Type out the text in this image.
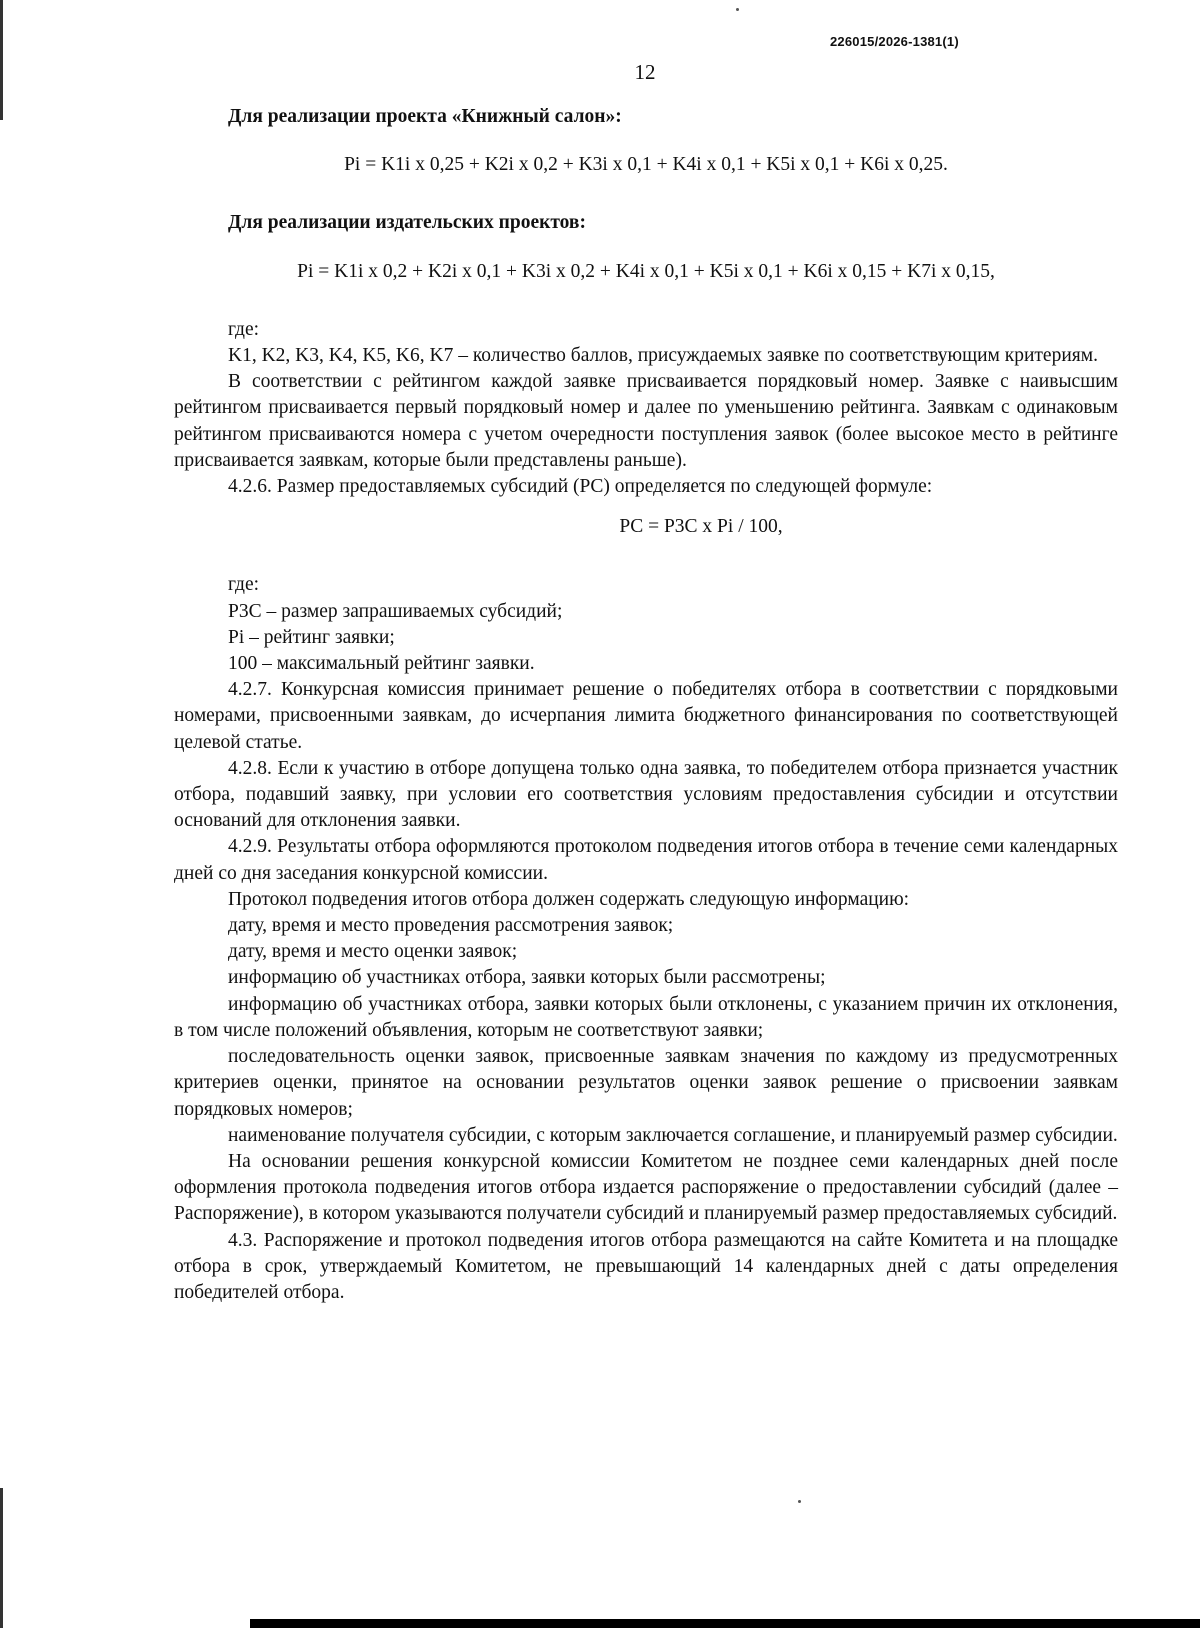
226015/2026-1381(1)
12

Для реализации проекта «Книжный салон»:

Pi = K1i x 0,25 + K2i x 0,2 + K3i x 0,1 + K4i x 0,1 + K5i x 0,1 + K6i x 0,25.

Для реализации издательских проектов:

Pi = K1i x 0,2 + K2i x 0,1 + K3i x 0,2 + K4i x 0,1 + K5i x 0,1 + K6i x 0,15 + K7i x 0,15,

где:

K1, K2, K3, K4, K5, K6, K7 – количество баллов, присуждаемых заявке по соответствующим критериям.

В соответствии с рейтингом каждой заявке присваивается порядковый номер. Заявке с наивысшим рейтингом присваивается первый порядковый номер и далее по уменьшению рейтинга. Заявкам с одинаковым рейтингом присваиваются номера с учетом очередности поступления заявок (более высокое место в рейтинге присваивается заявкам, которые были представлены раньше).

4.2.6. Размер предоставляемых субсидий (PC) определяется по следующей формуле:

PC = P3C x Pi / 100,

где:

P3C – размер запрашиваемых субсидий;

Pi – рейтинг заявки;

100 – максимальный рейтинг заявки.

4.2.7. Конкурсная комиссия принимает решение о победителях отбора в соответствии с порядковыми номерами, присвоенными заявкам, до исчерпания лимита бюджетного финансирования по соответствующей целевой статье.

4.2.8. Если к участию в отборе допущена только одна заявка, то победителем отбора признается участник отбора, подавший заявку, при условии его соответствия условиям предоставления субсидии и отсутствии оснований для отклонения заявки.

4.2.9. Результаты отбора оформляются протоколом подведения итогов отбора в течение семи календарных дней со дня заседания конкурсной комиссии.

Протокол подведения итогов отбора должен содержать следующую информацию:

дату, время и место проведения рассмотрения заявок;

дату, время и место оценки заявок;

информацию об участниках отбора, заявки которых были рассмотрены;

информацию об участниках отбора, заявки которых были отклонены, с указанием причин их отклонения, в том числе положений объявления, которым не соответствуют заявки;

последовательность оценки заявок, присвоенные заявкам значения по каждому из предусмотренных критериев оценки, принятое на основании результатов оценки заявок решение о присвоении заявкам порядковых номеров;

наименование получателя субсидии, с которым заключается соглашение, и планируемый размер субсидии.

На основании решения конкурсной комиссии Комитетом не позднее семи календарных дней после оформления протокола подведения итогов отбора издается распоряжение о предоставлении субсидий (далее – Распоряжение), в котором указываются получатели субсидий и планируемый размер предоставляемых субсидий.

4.3. Распоряжение и протокол подведения итогов отбора размещаются на сайте Комитета и на площадке отбора в срок, утверждаемый Комитетом, не превышающий 14 календарных дней с даты определения победителей отбора.
